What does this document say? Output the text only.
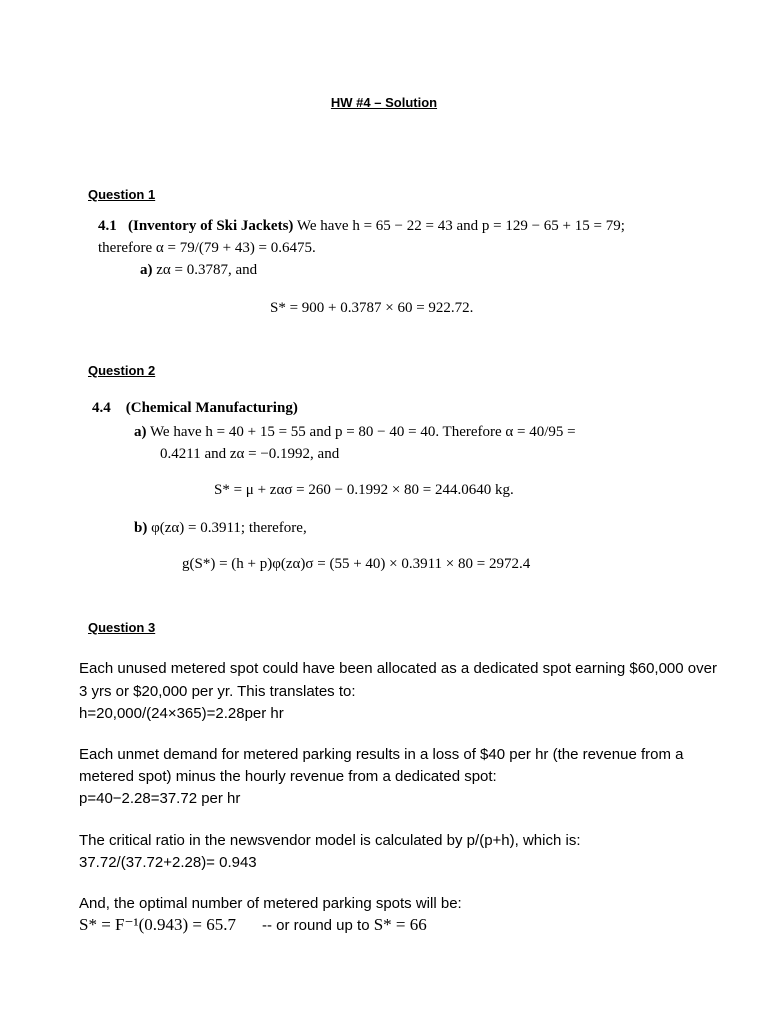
HW #4 – Solution
Question 1
4.1 (Inventory of Ski Jackets) We have h = 65 − 22 = 43 and p = 129 − 65 + 15 = 79;
therefore α = 79/(79 + 43) = 0.6475.
a) zα = 0.3787, and
S* = 900 + 0.3787 × 60 = 922.72.
Question 2
4.4 (Chemical Manufacturing)
a) We have h = 40 + 15 = 55 and p = 80 − 40 = 40. Therefore α = 40/95 =
0.4211 and zα = −0.1992, and
S* = μ + zασ = 260 − 0.1992 × 80 = 244.0640 kg.
b) φ(zα) = 0.3911; therefore,
g(S*) = (h + p)φ(zα)σ = (55 + 40) × 0.3911 × 80 = 2972.4
Question 3
Each unused metered spot could have been allocated as a dedicated spot earning $60,000 over
3 yrs or $20,000 per yr. This translates to:
h=20,000/(24×365)=2.28per hr
Each unmet demand for metered parking results in a loss of $40 per hr (the revenue from a
metered spot) minus the hourly revenue from a dedicated spot:
p=40−2.28=37.72 per hr
The critical ratio in the newsvendor model is calculated by p/(p+h), which is:
37.72/(37.72+2.28)= 0.943
And, the optimal number of metered parking spots will be:
S* = F⁻¹(0.943) = 65.7 -- or round up to S* = 66
